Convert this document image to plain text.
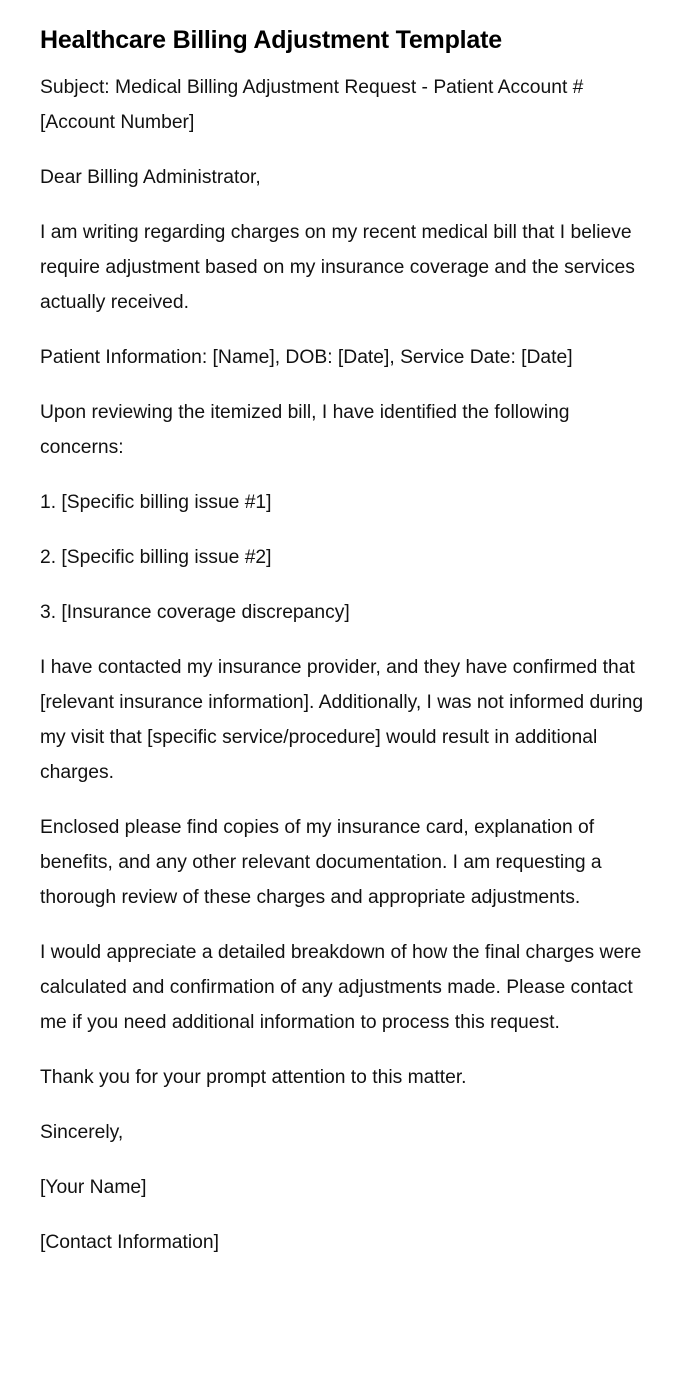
Healthcare Billing Adjustment Template

Subject: Medical Billing Adjustment Request - Patient Account #[Account Number]

Dear Billing Administrator,

I am writing regarding charges on my recent medical bill that I believe require adjustment based on my insurance coverage and the services actually received.

Patient Information: [Name], DOB: [Date], Service Date: [Date]

Upon reviewing the itemized bill, I have identified the following concerns:

1. [Specific billing issue #1]

2. [Specific billing issue #2]

3. [Insurance coverage discrepancy]

I have contacted my insurance provider, and they have confirmed that [relevant insurance information]. Additionally, I was not informed during my visit that [specific service/procedure] would result in additional charges.

Enclosed please find copies of my insurance card, explanation of benefits, and any other relevant documentation. I am requesting a thorough review of these charges and appropriate adjustments.

I would appreciate a detailed breakdown of how the final charges were calculated and confirmation of any adjustments made. Please contact me if you need additional information to process this request.

Thank you for your prompt attention to this matter.

Sincerely,

[Your Name]

[Contact Information]
